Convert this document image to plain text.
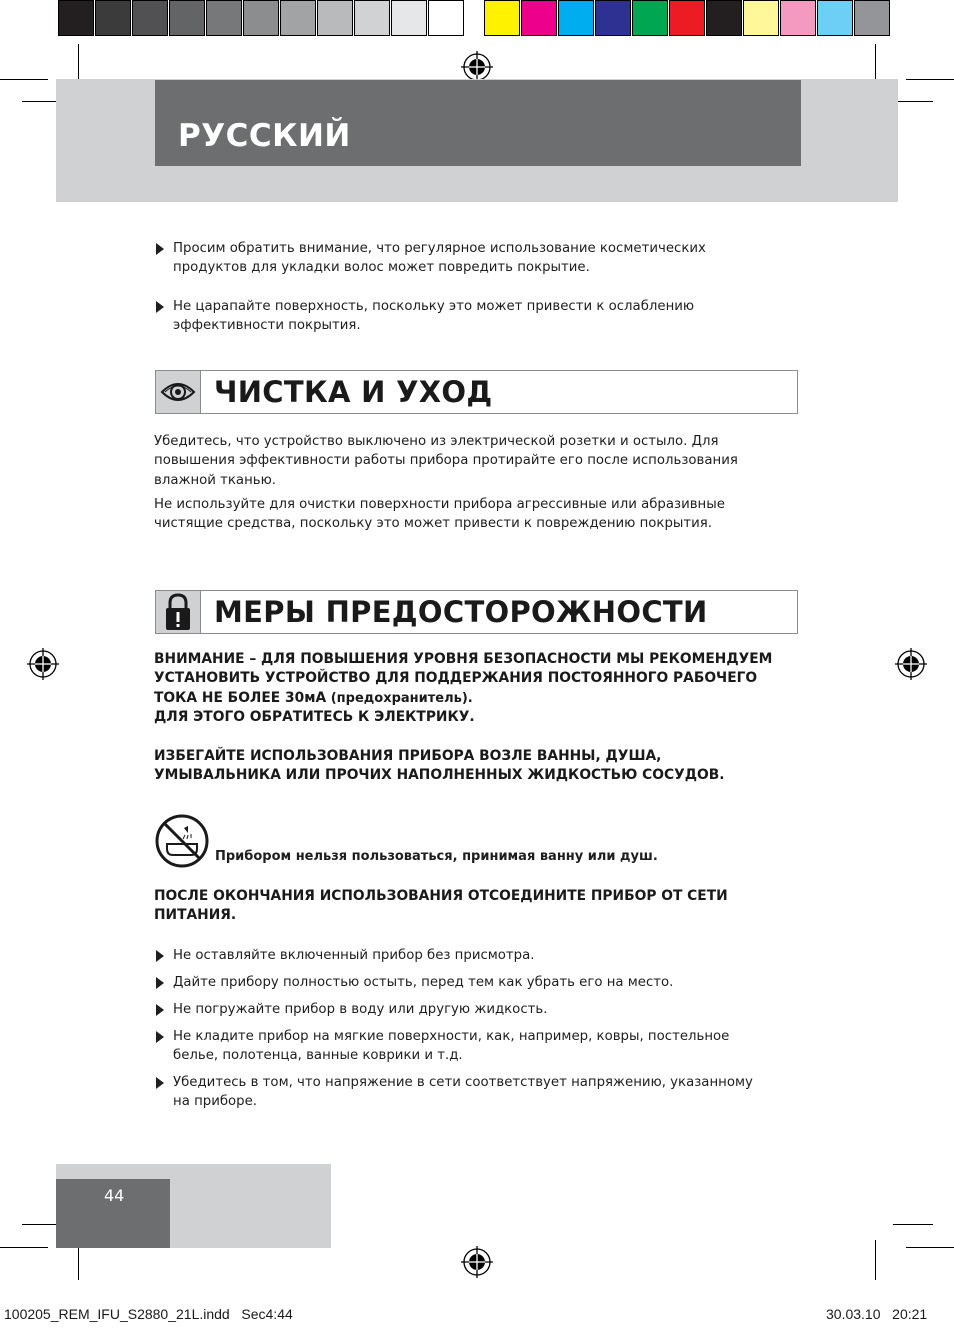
РУССКИЙ
Просим обратить внимание, что регулярное использование косметических продуктов для укладки волос может повредить покрытие.
Не царапайте поверхность, поскольку это может привести к ослаблению эффективности покрытия.
ЧИСТКА И УХОД
Убедитесь, что устройство выключено из электрической розетки и остыло. Для повышения эффективности работы прибора протирайте его после использования влажной тканью.
Не используйте для очистки поверхности прибора агрессивные или абразивные чистящие средства, поскольку это может привести к повреждению покрытия.
МЕРЫ ПРЕДОСТОРОЖНОСТИ
ВНИМАНИЕ – ДЛЯ ПОВЫШЕНИЯ УРОВНЯ БЕЗОПАСНОСТИ МЫ РЕКОМЕНДУЕМ УСТАНОВИТЬ УСТРОЙСТВО ДЛЯ ПОДДЕРЖАНИЯ ПОСТОЯННОГО РАБОЧЕГО ТОКА НЕ БОЛЕЕ 30мА (предохранитель).
ДЛЯ ЭТОГО ОБРАТИТЕСЬ К ЭЛЕКТРИКУ.
ИЗБЕГАЙТЕ ИСПОЛЬЗОВАНИЯ ПРИБОРА ВОЗЛЕ ВАННЫ, ДУША, УМЫВАЛЬНИКА ИЛИ ПРОЧИХ НАПОЛНЕННЫХ ЖИДКОСТЬЮ СОСУДОВ.
Прибором нельзя пользоваться, принимая ванну или душ.
ПОСЛЕ ОКОНЧАНИЯ ИСПОЛЬЗОВАНИЯ ОТСОЕДИНИТЕ ПРИБОР ОТ СЕТИ ПИТАНИЯ.
Не оставляйте включенный прибор без присмотра.
Дайте прибору полностью остыть, перед тем как убрать его на место.
Не погружайте прибор в воду или другую жидкость.
Не кладите прибор на мягкие поверхности, как, например, ковры, постельное белье, полотенца, ванные коврики и т.д.
Убедитесь в том, что напряжение в сети соответствует напряжению, указанному на приборе.
44
100205_REM_IFU_S2880_21L.indd   Sec4:44	30.03.10   20:21
